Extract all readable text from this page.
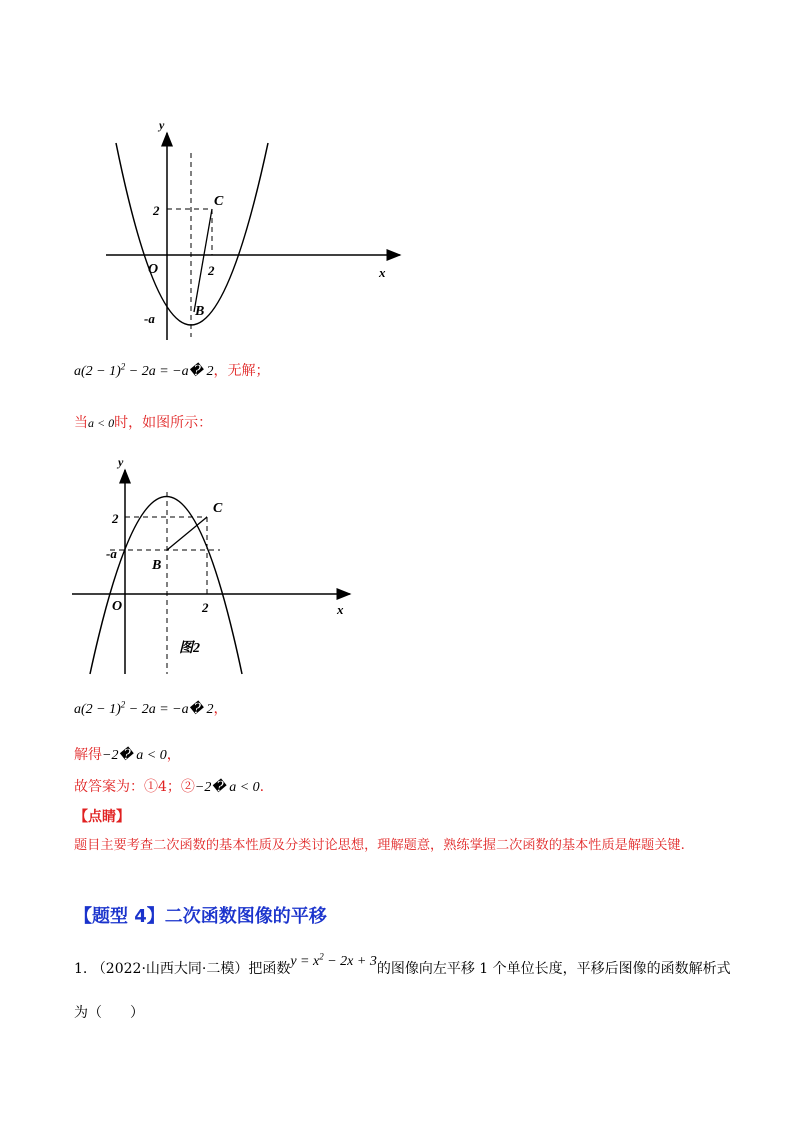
y
x
O
C
B
2
2
-a
$a(2 - 1)^2 - 2a$ = −a� 2，无解；
当a < 0时，如图所示：
y
x
O
C
B
2
2
-a
图2
$a(2 - 1)^2 - 2a$ = −a� 2，
解得−2� a < 0，
故答案为：①4；②−2� a < 0.
【点睛】
题目主要考查二次函数的基本性质及分类讨论思想，理解题意，熟练掌握二次函数的基本性质是解题关键.
【题型 4】二次函数图像的平移
1. （2022·山西大同·二模）把函数$y = x^2 - 2x + 3$的图像向左平移 1 个单位长度，平移后图像的函数解析式
为（　　）
